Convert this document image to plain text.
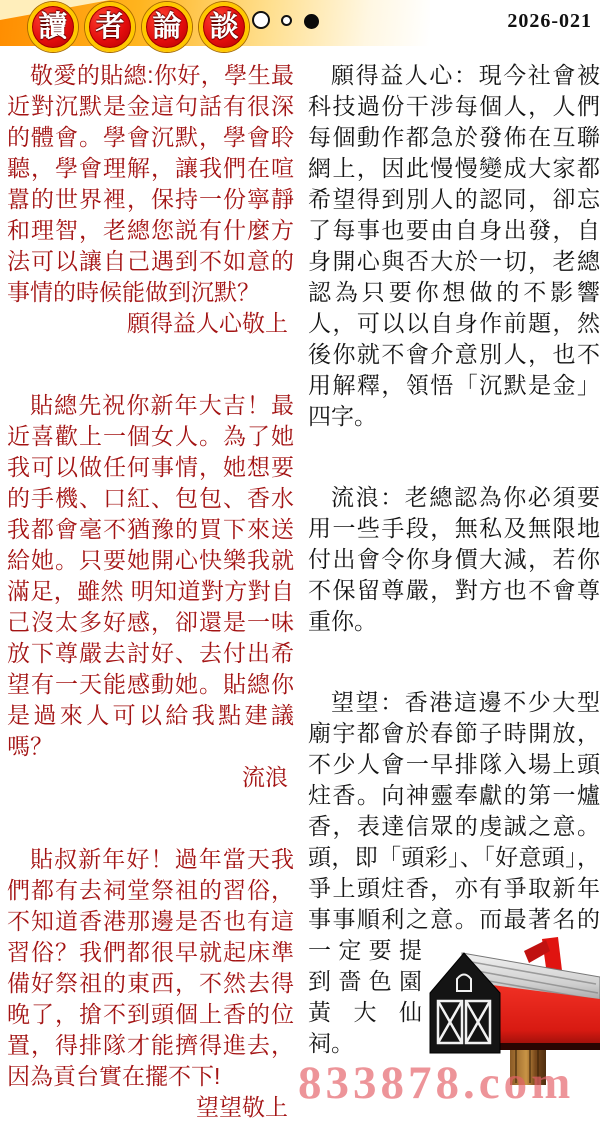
讀 者 論 談	2026-021

敬愛的貼總:你好，學生最近對沉默是金這句話有很深的體會。學會沉默，學會聆聽，學會理解，讓我們在喧囂的世界裡，保持一份寧靜和理智，老總您説有什麼方法可以讓自己遇到不如意的事情的時候能做到沉默？

願得益人心敬上

貼總先祝你新年大吉！最近喜歡上一個女人。為了她我可以做任何事情，她想要的手機、口紅、包包、香水我都會毫不猶豫的買下來送給她。只要她開心快樂我就滿足，雖然 明知道對方對自己沒太多好感，卻還是一味放下尊嚴去討好、去付出希望有一天能感動她。貼總你是過來人可以給我點建議嗎？

流浪

貼叔新年好！過年當天我們都有去祠堂祭祖的習俗，不知道香港那邊是否也有這習俗？我們都很早就起床準備好祭祖的東西，不然去得晚了，搶不到頭個上香的位置，得排隊才能擠得進去，因為貢台實在擺不下!

望望敬上

願得益人心：現今社會被科技過份干涉每個人，人們每個動作都急於發佈在互聯網上，因此慢慢變成大家都希望得到別人的認同，卻忘了每事也要由自身出發，自身開心與否大於一切，老總認為只要你想做的不影響人，可以以自身作前題，然後你就不會介意別人，也不用解釋，領悟「沉默是金」四字。

流浪：老總認為你必須要用一些手段，無私及無限地付出會令你身價大減，若你不保留尊嚴，對方也不會尊重你。

望望：香港這邊不少大型廟宇都會於春節子時開放，不少人會一早排隊入場上頭炷香。向神靈奉獻的第一爐香，表達信眾的虔誠之意。頭，即「頭彩」、「好意頭」，爭上頭炷香，亦有爭取新年事事順利之意。而
最著名的一定要提到嗇色園黃大仙祠。

833878.com
